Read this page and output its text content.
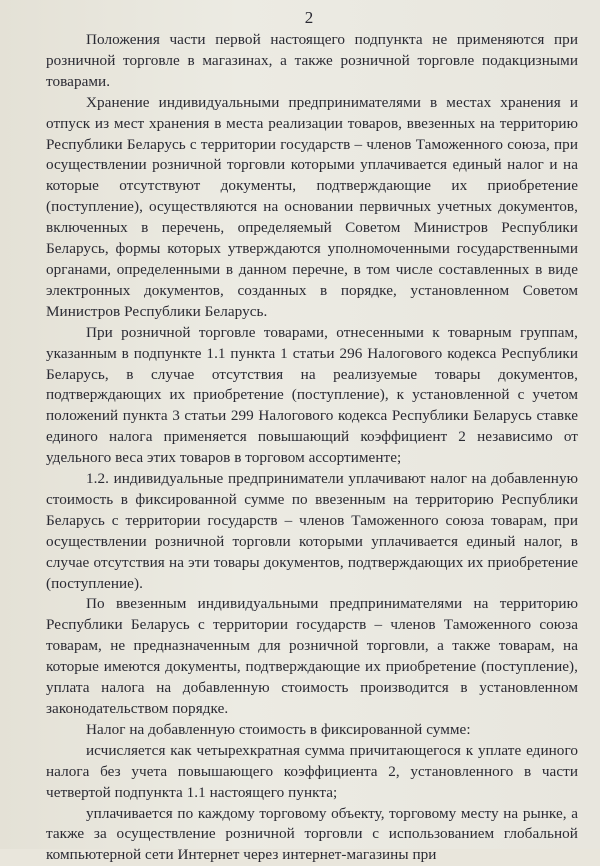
2

Положения части первой настоящего подпункта не применяются при розничной торговле в магазинах, а также розничной торговле подакцизными товарами.

Хранение индивидуальными предпринимателями в местах хранения и отпуск из мест хранения в места реализации товаров, ввезенных на территорию Республики Беларусь с территории государств – членов Таможенного союза, при осуществлении розничной торговли которыми уплачивается единый налог и на которые отсутствуют документы, подтверждающие их приобретение (поступление), осуществляются на основании первичных учетных документов, включенных в перечень, определяемый Советом Министров Республики Беларусь, формы которых утверждаются уполномоченными государственными органами, определенными в данном перечне, в том числе составленных в виде электронных документов, созданных в порядке, установленном Советом Министров Республики Беларусь.

При розничной торговле товарами, отнесенными к товарным группам, указанным в подпункте 1.1 пункта 1 статьи 296 Налогового кодекса Республики Беларусь, в случае отсутствия на реализуемые товары документов, подтверждающих их приобретение (поступление), к установленной с учетом положений пункта 3 статьи 299 Налогового кодекса Республики Беларусь ставке единого налога применяется повышающий коэффициент 2 независимо от удельного веса этих товаров в торговом ассортименте;

1.2. индивидуальные предприниматели уплачивают налог на добавленную стоимость в фиксированной сумме по ввезенным на территорию Республики Беларусь с территории государств – членов Таможенного союза товарам, при осуществлении розничной торговли которыми уплачивается единый налог, в случае отсутствия на эти товары документов, подтверждающих их приобретение (поступление).

По ввезенным индивидуальными предпринимателями на территорию Республики Беларусь с территории государств – членов Таможенного союза товарам, не предназначенным для розничной торговли, а также товарам, на которые имеются документы, подтверждающие их приобретение (поступление), уплата налога на добавленную стоимость производится в установленном законодательством порядке.

Налог на добавленную стоимость в фиксированной сумме:

исчисляется как четырехкратная сумма причитающегося к уплате единого налога без учета повышающего коэффициента 2, установленного в части четвертой подпункта 1.1 настоящего пункта;

уплачивается по каждому торговому объекту, торговому месту на рынке, а также за осуществление розничной торговли с использованием глобальной компьютерной сети Интернет через интернет-магазины при
